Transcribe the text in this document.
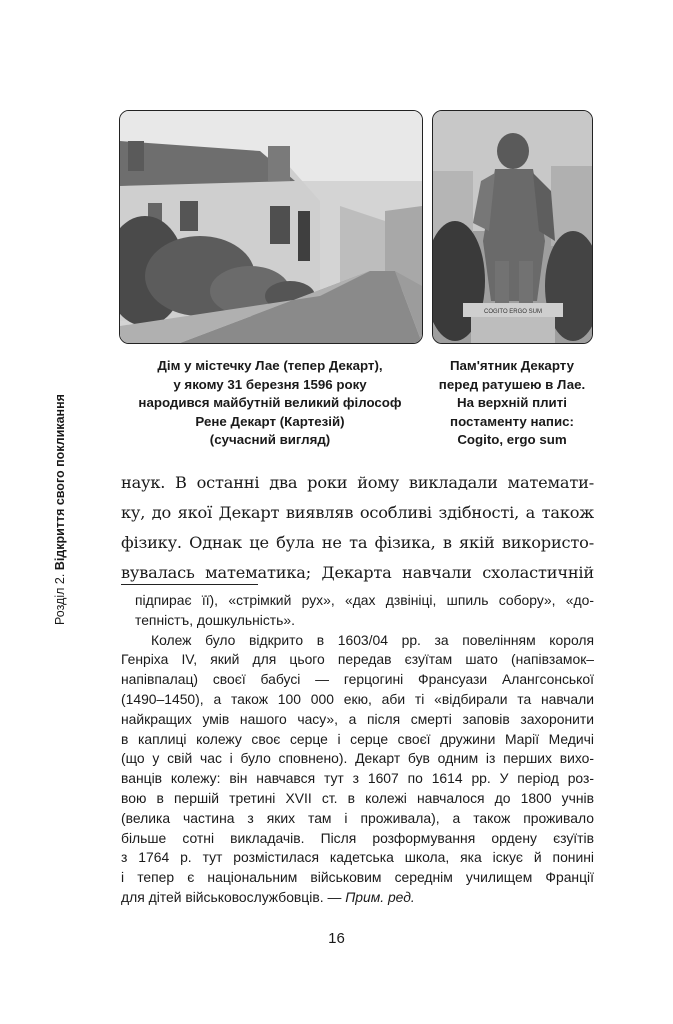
COGITO ERGO SUM
Дім у містечку Лае (тепер Декарт),
у якому 31 березня 1596 року
народився майбутній великий філософ
Рене Декарт (Картезій)
(сучасний вигляд)
Пам'ятник Декарту
перед ратушею в Лае.
На верхній плиті
постаменту напис:
Cogito, ergo sum
Розділ 2. Відкриття свого покликання	наук. В останні два роки йому викладали математи-
ку, до якої Декарт виявляв особливі здібності, а також
фізику. Однак це була не та фізика, в якій використо-
вувалась математика; Декарта навчали схоластичній
підпирає її), «стрімкий рух», «дах дзвініці, шпиль собору», «до-
тепністъ, дошкульність».
Колеж було відкрито в 1603/04 рр. за повелінням короля
Генріха IV, який для цього передав єзуїтам шато (напівзамок–
напівпалац) своєї бабусі — герцогині Франсуази Алангсонської
(1490–1450), а також 100 000 екю, аби ті «відбирали та навчали
найкращих умів нашого часу», а після смерті заповів захоронити
в каплиці колежу своє серце і серце своєї дружини Марії Медичі
(що у свій час і було сповнено). Декарт був одним із перших вихо-
ванців колежу: він навчався тут з 1607 по 1614 рр. У період роз-
вою в першій третині XVII ст. в колежі навчалося до 1800 учнів
(велика частина з яких там і проживала), а також проживало
більше сотні викладачів. Після розформування ордену єзуїтів
з 1764 р. тут розмістилася кадетська школа, яка іскує й понині
і тепер є національним військовим середнім училищем Франції
для дітей військовослужбовців. — Прим. ред.
16
